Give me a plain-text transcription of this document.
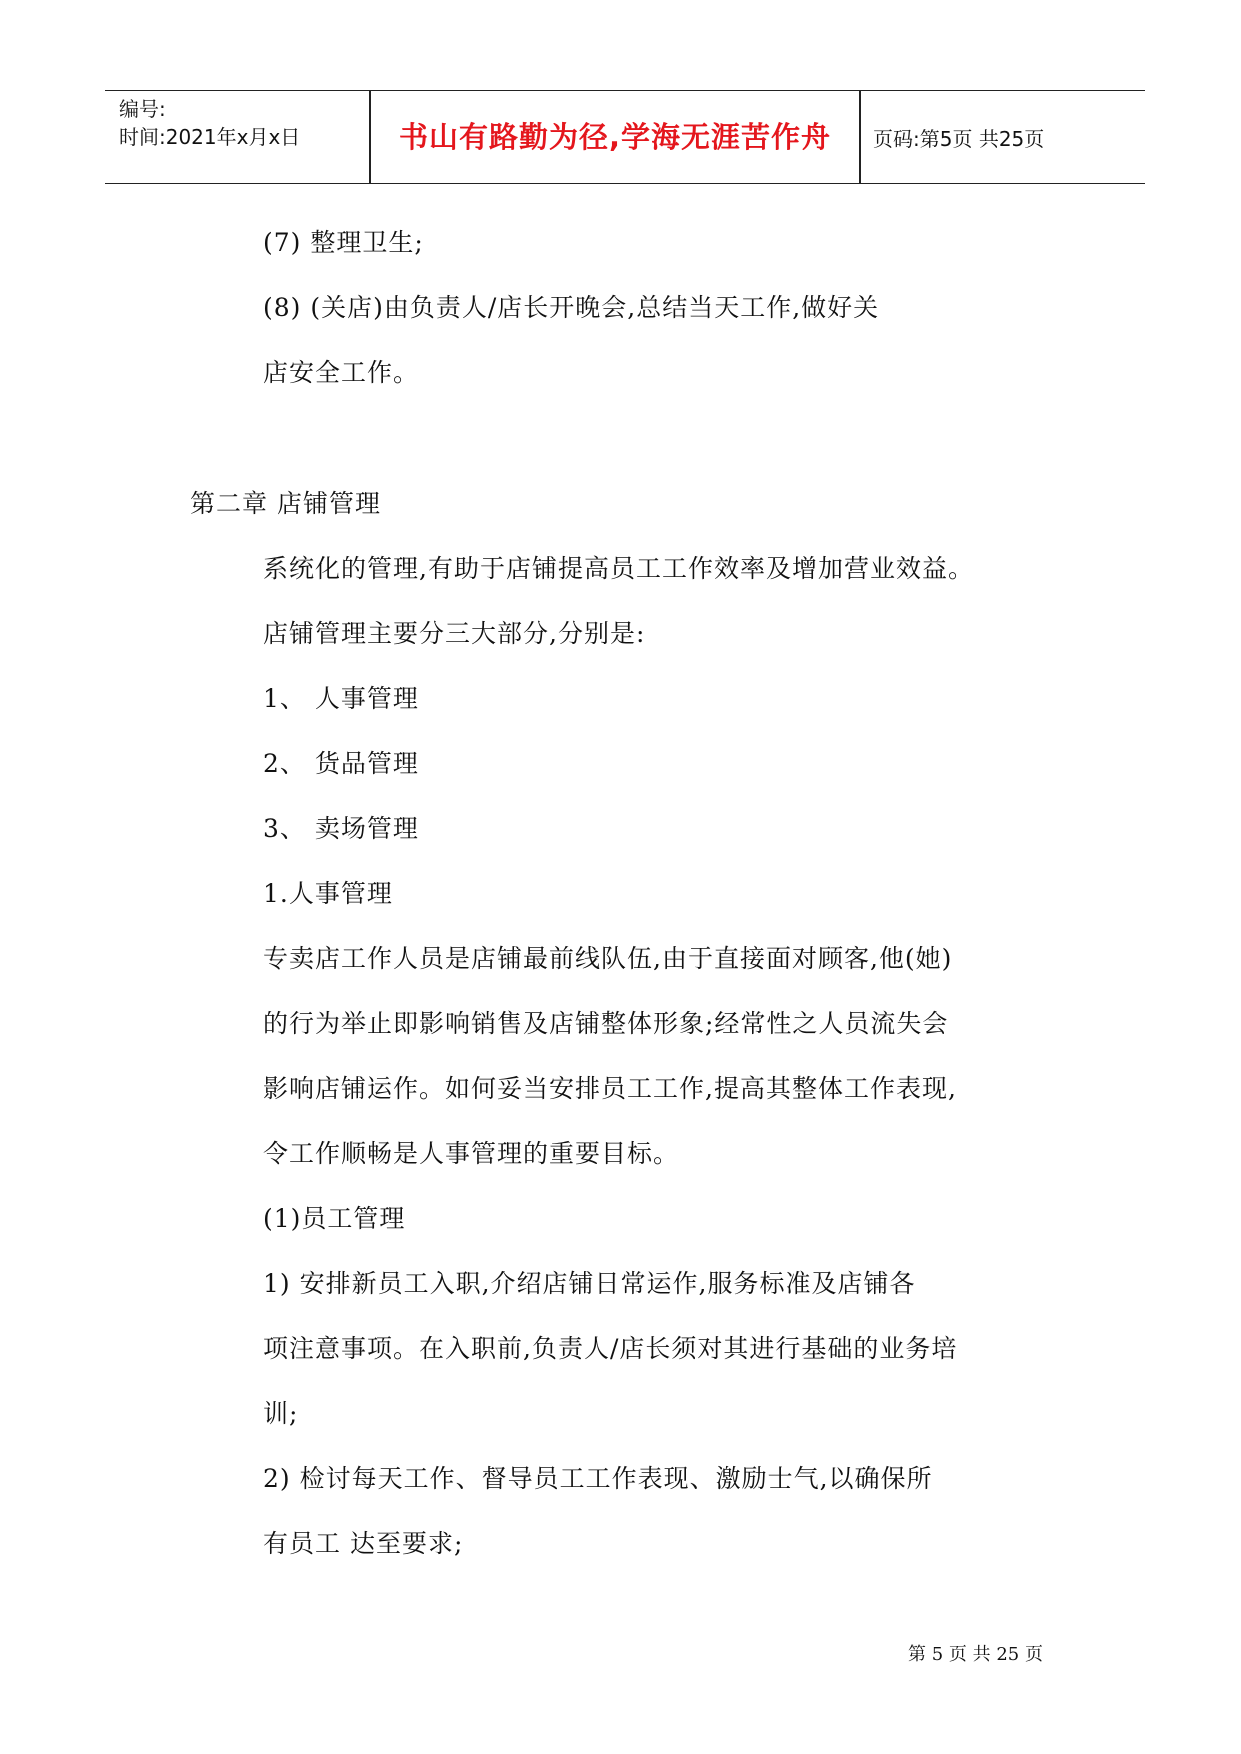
编号:
时间:2021年x月x日	书山有路勤为径,学海无涯苦作舟	页码:第5页 共25页
(7) 整理卫生;
(8) (关店)由负责人/店长开晚会,总结当天工作,做好关
店安全工作。
第二章 店铺管理
系统化的管理,有助于店铺提高员工工作效率及增加营业效益。
店铺管理主要分三大部分,分别是:
1、 人事管理
2、 货品管理
3、 卖场管理
1.人事管理
专卖店工作人员是店铺最前线队伍,由于直接面对顾客,他(她)
的行为举止即影响销售及店铺整体形象;经常性之人员流失会
影响店铺运作。如何妥当安排员工工作,提高其整体工作表现,
令工作顺畅是人事管理的重要目标。
(1)员工管理
1) 安排新员工入职,介绍店铺日常运作,服务标准及店铺各
项注意事项。在入职前,负责人/店长须对其进行基础的业务培
训;
2) 检讨每天工作、督导员工工作表现、激励士气,以确保所
有员工 达至要求;
第 5 页 共 25 页
